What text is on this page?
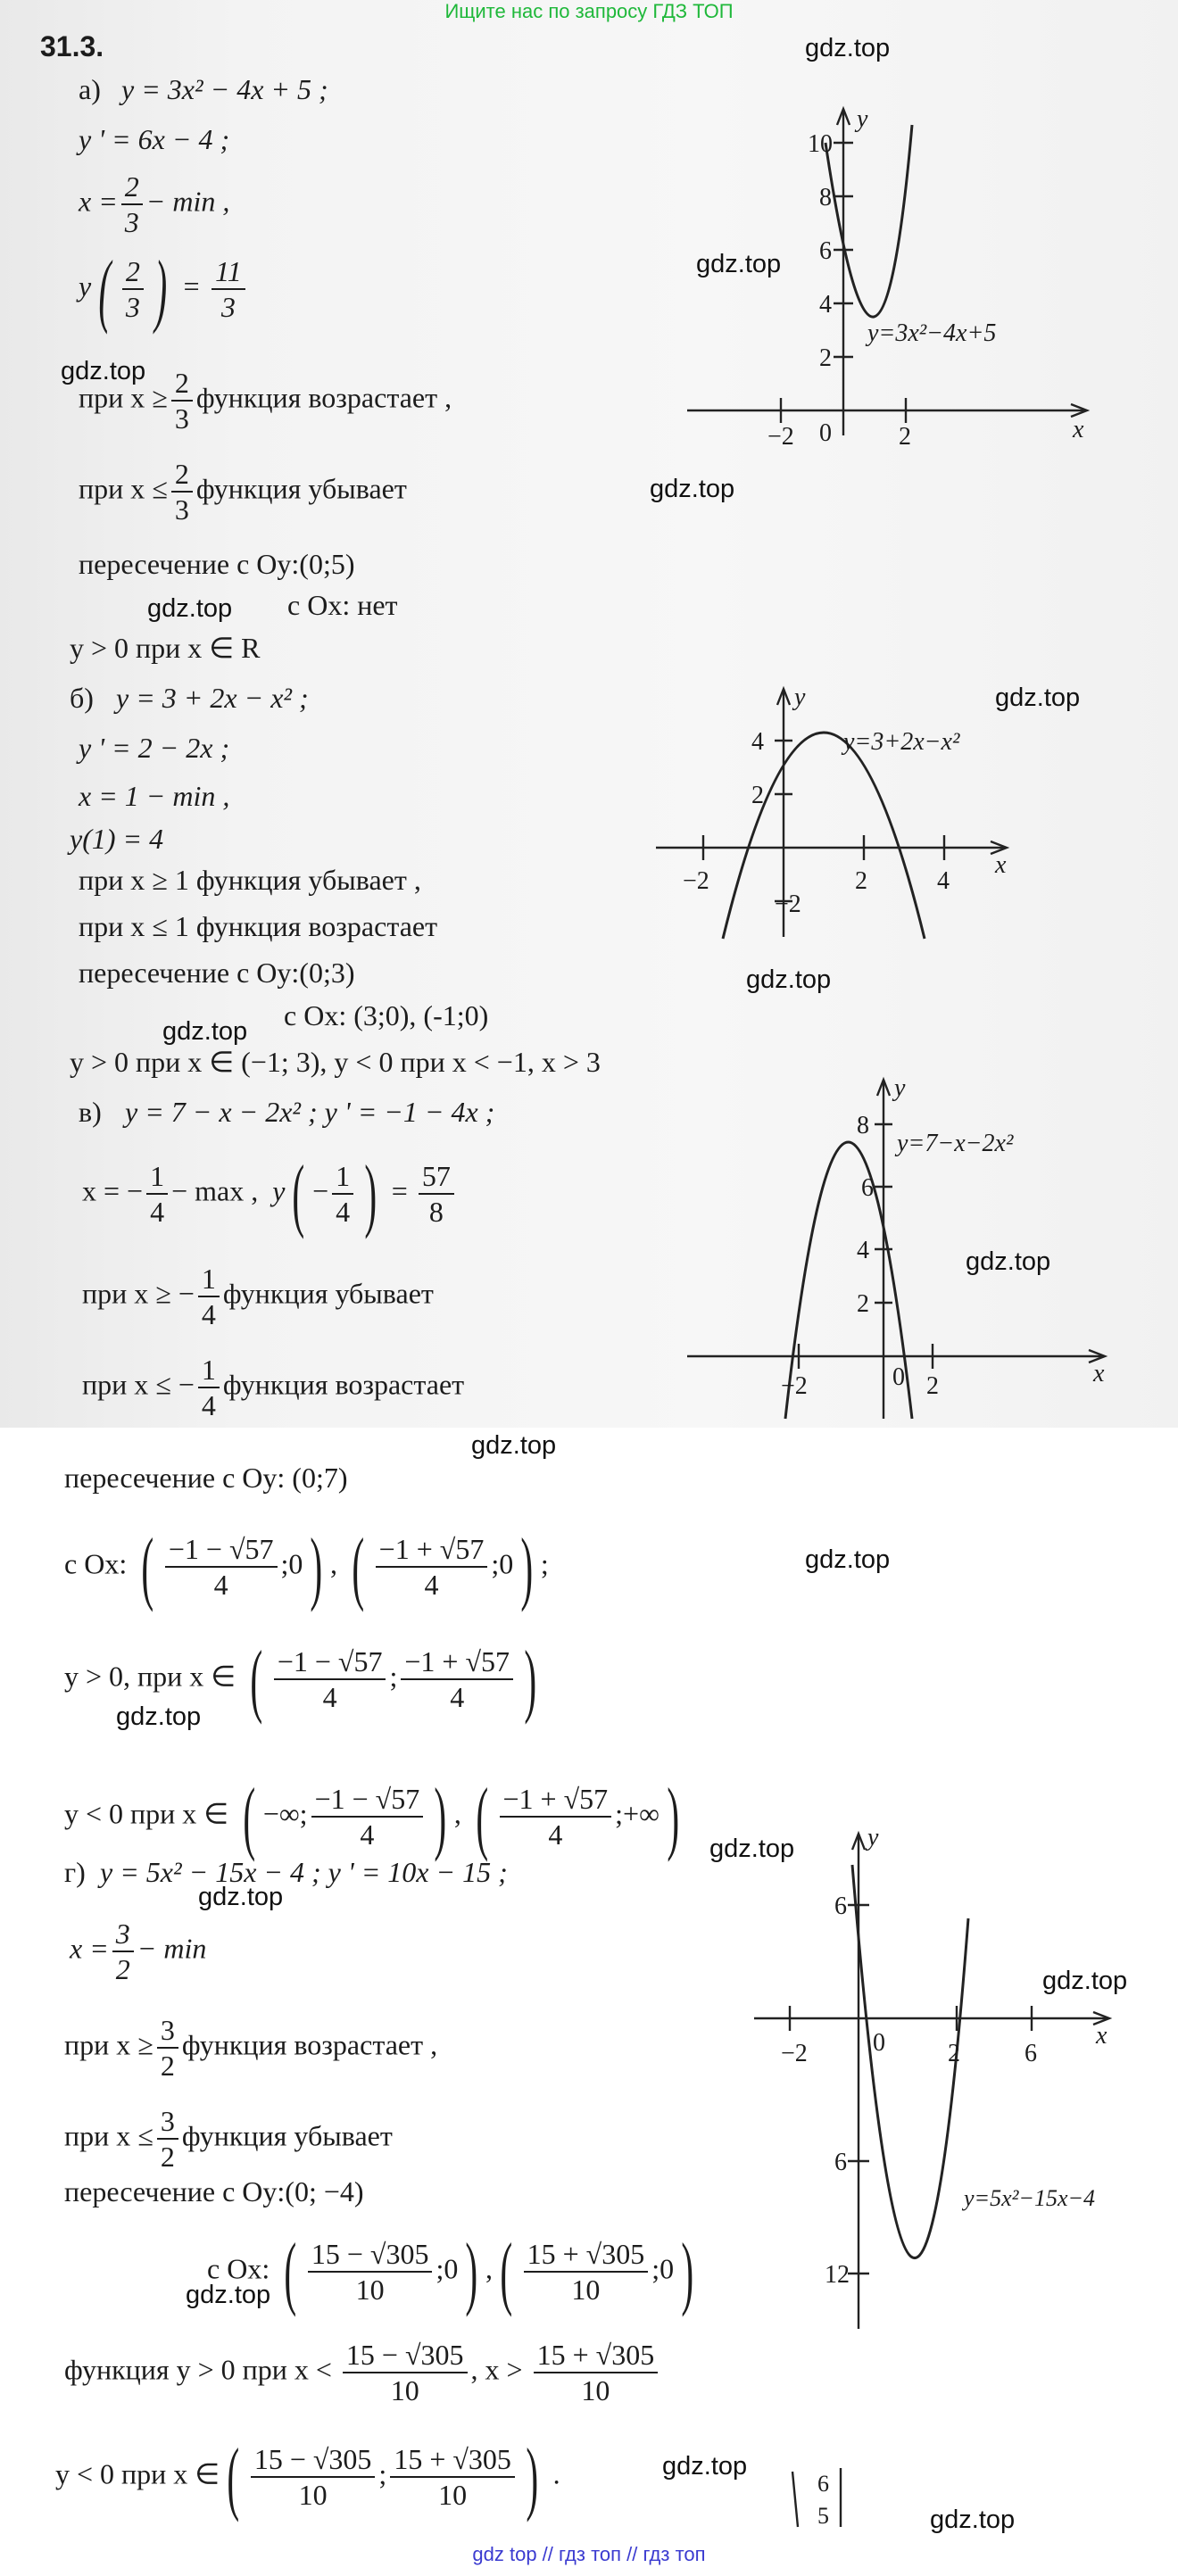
Ищите нас по запросу ГДЗ ТОП
31.3.
а) y = 3x² − 4x + 5 ;
y ' = 6x − 4 ;
$x = \frac{2}{3} - \min$ ,
$y( \frac{2}{3}$ ) = $\frac{11}{3}$
при $x \ge \frac{2}{3}$ функция возрастает ,
при $x \le \frac{2}{3}$ функция убывает
пересечение с Oy:(0;5)
с Ox: нет
y > 0 при x ∈ R
б) y = 3 + 2x − x² ;
y ' = 2 − 2x ;
x = 1 − min ,
y(1) = 4
при x ≥ 1 функция убывает ,
при x ≤ 1 функция возрастает
пересечение с Oy:(0;3)
с Ox: (3;0), (-1;0)
y > 0 при x ∈ (−1; 3), y < 0 при x < −1, x > 3
в) y = 7 − x − 2x² ; y ' = −1 − 4x ;
x = − $\frac{1}{4} - \max$ , $y( - \frac{1}{4}$ ) = $\frac{57}{8}$
при x ≥ − $\frac{1}{4}$ функция убывает
при x ≤ − $\frac{1}{4}$ функция возрастает
пересечение с Oy: (0;7)
с Ox: ( $\frac{-1 - √57}{4}$ ;0) , ( $\frac{-1 + √57}{4}$ ;0) ;
y > 0, при x ∈ ( $\frac{-1 - √57}{4}$ ; $\frac{-1 + √57}{4}$ )
y < 0 при x ∈ ( −∞; $\frac{-1 - √57}{4}$ ) , ( $\frac{-1 + √57}{4}$ ;+∞)
г) y = 5x² − 15x − 4 ; y ' = 10x − 15 ;
$x = \frac{3}{2} - \min$
при $x \ge \frac{3}{2}$ функция возрастает ,
при $x \le \frac{3}{2}$ функция убывает
пересечение с Oy:(0; −4)
с Ox: ( $\frac{15 - √305}{10}$ ;0) ,( $\frac{15 + √305}{10}$ ;0)
функция y > 0 при $x < \frac{15 - √305}{10}$ , $x > \frac{15 + √305}{10}$
y < 0 при x ∈( $\frac{15 - √305}{10}$ ; $\frac{15 + √305}{10}$ ) .
−2	2
0
10
8
6
4
2
x
y
y=3x²−4x+5
−2	2	4
4
2
−2
x
y
y=3+2x−x²
−2	2
0
8
6
4
2
x
y
y=7−x−2x²
−2	2	6
0
6
6
12
x
y
y=5x²−15x−4
6
5
gdz.top
gdz.top
gdz.top
gdz.top
gdz.top
gdz.top
gdz.top
gdz.top
gdz.top
gdz.top
gdz.top
gdz.top
gdz.top
gdz.top
gdz.top
gdz.top
gdz.top
gdz.top
gdz top // гдз топ // гдз топ
